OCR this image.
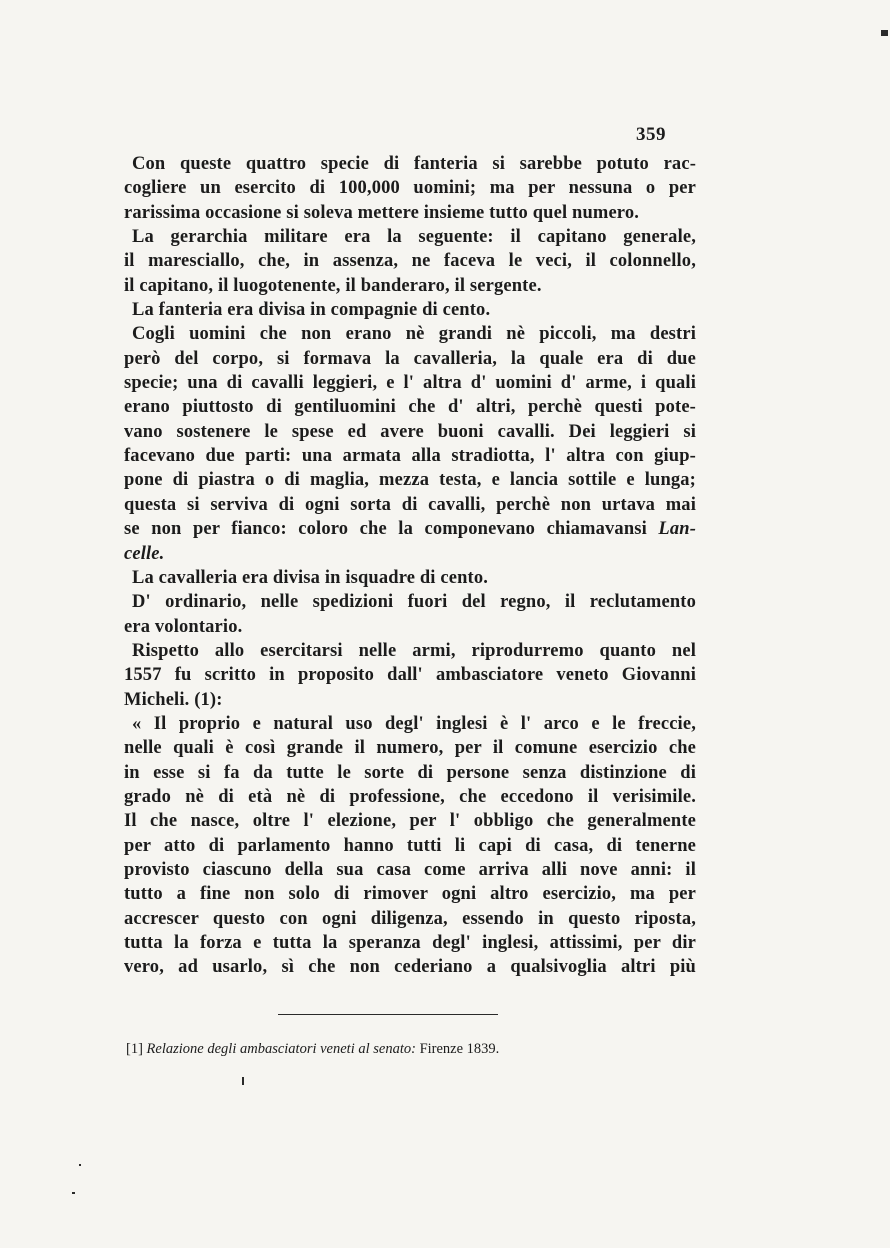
359
Con queste quattro specie di fanteria si sarebbe potuto rac-
cogliere un esercito di 100,000 uomini; ma per nessuna o per
rarissima occasione si soleva mettere insieme tutto quel numero.
La gerarchia militare era la seguente: il capitano generale,
il maresciallo, che, in assenza, ne faceva le veci, il colonnello,
il capitano, il luogotenente, il banderaro, il sergente.
La fanteria era divisa in compagnie di cento.
Cogli uomini che non erano nè grandi nè piccoli, ma destri
però del corpo, si formava la cavalleria, la quale era di due
specie; una di cavalli leggieri, e l' altra d' uomini d' arme, i quali
erano piuttosto di gentiluomini che d' altri, perchè questi pote-
vano sostenere le spese ed avere buoni cavalli. Dei leggieri si
facevano due parti: una armata alla stradiotta, l' altra con giup-
pone di piastra o di maglia, mezza testa, e lancia sottile e lunga;
questa si serviva di ogni sorta di cavalli, perchè non urtava mai
se non per fianco: coloro che la componevano chiamavansi Lan-
celle.
La cavalleria era divisa in isquadre di cento.
D' ordinario, nelle spedizioni fuori del regno, il reclutamento
era volontario.
Rispetto allo esercitarsi nelle armi, riprodurremo quanto nel
1557 fu scritto in proposito dall' ambasciatore veneto Giovanni
Micheli. (1):
« Il proprio e natural uso degl' inglesi è l' arco e le freccie,
nelle quali è così grande il numero, per il comune esercizio che
in esse si fa da tutte le sorte di persone senza distinzione di
grado nè di età nè di professione, che eccedono il verisimile.
Il che nasce, oltre l' elezione, per l' obbligo che generalmente
per atto di parlamento hanno tutti li capi di casa, di tenerne
provisto ciascuno della sua casa come arriva alli nove anni: il
tutto a fine non solo di rimover ogni altro esercizio, ma per
accrescer questo con ogni diligenza, essendo in questo riposta,
tutta la forza e tutta la speranza degl' inglesi, attissimi, per dir
vero, ad usarlo, sì che non cederiano a qualsivoglia altri più
[1] Relazione degli ambasciatori veneti al senato: Firenze 1839.
